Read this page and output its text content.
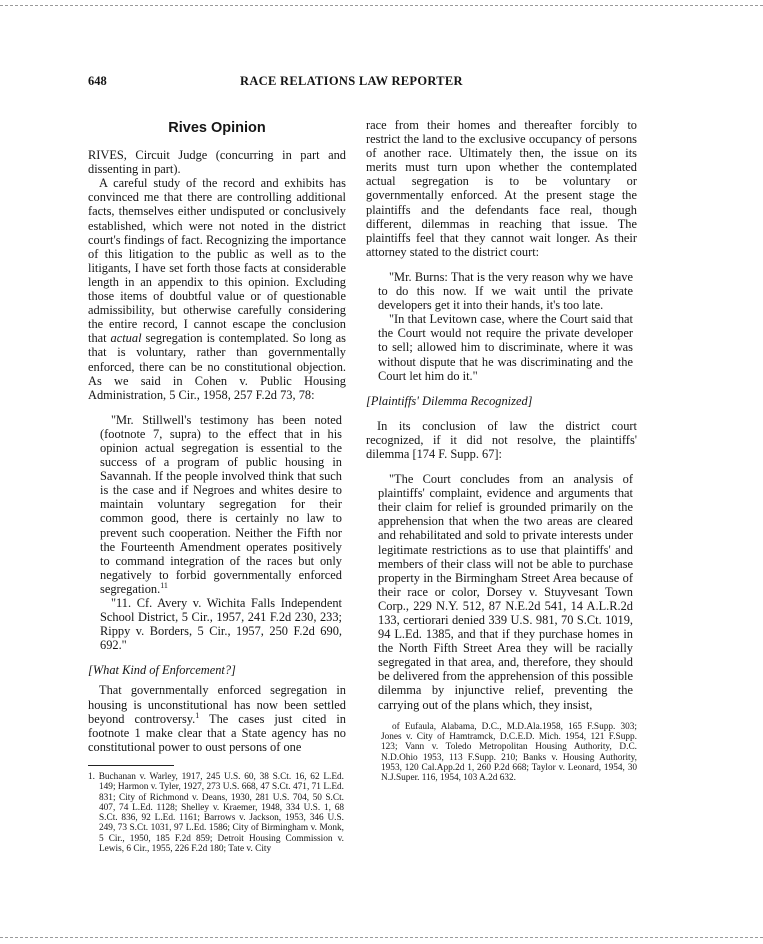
648	RACE RELATIONS LAW REPORTER
Rives Opinion

RIVES, Circuit Judge (concurring in part and dissenting in part).

A careful study of the record and exhibits has convinced me that there are controlling additional facts, themselves either undisputed or conclusively established, which were not noted in the district court's findings of fact. Recognizing the importance of this litigation to the public as well as to the litigants, I have set forth those facts at considerable length in an appendix to this opinion. Excluding those items of doubtful value or of questionable admissibility, but otherwise carefully considering the entire record, I cannot escape the conclusion that actual segregation is contemplated. So long as that is voluntary, rather than governmentally enforced, there can be no constitutional objection. As we said in Cohen v. Public Housing Administration, 5 Cir., 1958, 257 F.2d 73, 78:

"Mr. Stillwell's testimony has been noted (footnote 7, supra) to the effect that in his opinion actual segregation is essential to the success of a program of public housing in Savannah. If the people involved think that such is the case and if Negroes and whites desire to maintain voluntary segregation for their common good, there is certainly no law to prevent such cooperation. Neither the Fifth nor the Fourteenth Amendment operates positively to command integration of the races but only negatively to forbid governmentally enforced segregation.$^{11}$

"11. Cf. Avery v. Wichita Falls Independent School District, 5 Cir., 1957, 241 F.2d 230, 233; Rippy v. Borders, 5 Cir., 1957, 250 F.2d 690, 692."

[What Kind of Enforcement?]

That governmentally enforced segregation in housing is unconstitutional has now been settled beyond controversy.$^1$ The cases just cited in footnote 1 make clear that a State agency has no constitutional power to oust persons of one

1. Buchanan v. Warley, 1917, 245 U.S. 60, 38 S.Ct. 16, 62 L.Ed. 149; Harmon v. Tyler, 1927, 273 U.S. 668, 47 S.Ct. 471, 71 L.Ed. 831; City of Richmond v. Deans, 1930, 281 U.S. 704, 50 S.Ct. 407, 74 L.Ed. 1128; Shelley v. Kraemer, 1948, 334 U.S. 1, 68 S.Ct. 836, 92 L.Ed. 1161; Barrows v. Jackson, 1953, 346 U.S. 249, 73 S.Ct. 1031, 97 L.Ed. 1586; City of Birmingham v. Monk, 5 Cir., 1950, 185 F.2d 859; Detroit Housing Commission v. Lewis, 6 Cir., 1955, 226 F.2d 180; Tate v. City

race from their homes and thereafter forcibly to restrict the land to the exclusive occupancy of persons of another race. Ultimately then, the issue on its merits must turn upon whether the contemplated actual segregation is to be voluntary or governmentally enforced. At the present stage the plaintiffs and the defendants face real, though different, dilemmas in reaching that issue. The plaintiffs feel that they cannot wait longer. As their attorney stated to the district court:

"Mr. Burns: That is the very reason why we have to do this now. If we wait until the private developers get it into their hands, it's too late.

"In that Levitown case, where the Court said that the Court would not require the private developer to sell; allowed him to discriminate, where it was without dispute that he was discriminating and the Court let him do it."

[Plaintiffs' Dilemma Recognized]

In its conclusion of law the district court recognized, if it did not resolve, the plaintiffs' dilemma [174 F. Supp. 67]:

"The Court concludes from an analysis of plaintiffs' complaint, evidence and arguments that their claim for relief is grounded primarily on the apprehension that when the two areas are cleared and rehabilitated and sold to private interests under legitimate restrictions as to use that plaintiffs' and members of their class will not be able to purchase property in the Birmingham Street Area because of their race or color, Dorsey v. Stuyvesant Town Corp., 229 N.Y. 512, 87 N.E.2d 541, 14 A.L.R.2d 133, certiorari denied 339 U.S. 981, 70 S.Ct. 1019, 94 L.Ed. 1385, and that if they purchase homes in the North Fifth Street Area they will be racially segregated in that area, and, therefore, they should be delivered from the apprehension of this possible dilemma by injunctive relief, preventing the carrying out of the plans which, they insist,

of Eufaula, Alabama, D.C., M.D.Ala.1958, 165 F.Supp. 303; Jones v. City of Hamtramck, D.C.E.D. Mich. 1954, 121 F.Supp. 123; Vann v. Toledo Metropolitan Housing Authority, D.C. N.D.Ohio 1953, 113 F.Supp. 210; Banks v. Housing Authority, 1953, 120 Cal.App.2d 1, 260 P.2d 668; Taylor v. Leonard, 1954, 30 N.J.Super. 116, 1954, 103 A.2d 632.
